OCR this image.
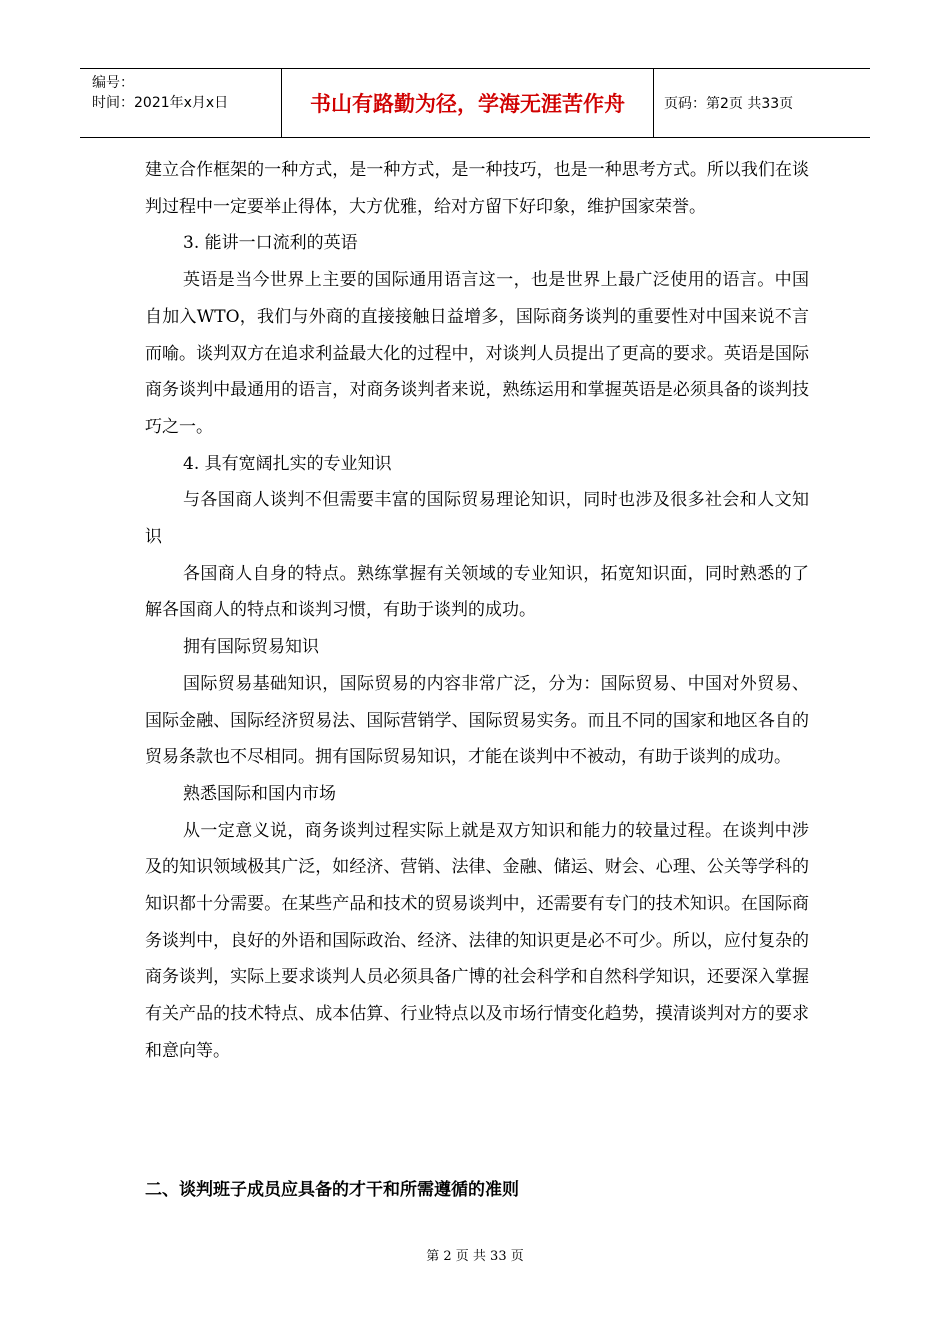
编号：
时间：2021年x月x日	书山有路勤为径，学海无涯苦作舟	页码：第2页 共33页

建立合作框架的一种方式，是一种方式，是一种技巧，也是一种思考方式。所以我们在谈判过程中一定要举止得体，大方优雅，给对方留下好印象，维护国家荣誉。

3. 能讲一口流利的英语

英语是当今世界上主要的国际通用语言这一，也是世界上最广泛使用的语言。中国自加入WTO，我们与外商的直接接触日益增多，国际商务谈判的重要性对中国来说不言而喻。谈判双方在追求利益最大化的过程中，对谈判人员提出了更高的要求。英语是国际商务谈判中最通用的语言，对商务谈判者来说，熟练运用和掌握英语是必须具备的谈判技巧之一。

4. 具有宽阔扎实的专业知识

与各国商人谈判不但需要丰富的国际贸易理论知识，同时也涉及很多社会和人文知识

各国商人自身的特点。熟练掌握有关领域的专业知识，拓宽知识面，同时熟悉的了解各国商人的特点和谈判习惯，有助于谈判的成功。

拥有国际贸易知识

国际贸易基础知识，国际贸易的内容非常广泛，分为：国际贸易、中国对外贸易、国际金融、国际经济贸易法、国际营销学、国际贸易实务。而且不同的国家和地区各自的贸易条款也不尽相同。拥有国际贸易知识，才能在谈判中不被动，有助于谈判的成功。

熟悉国际和国内市场

从一定意义说，商务谈判过程实际上就是双方知识和能力的较量过程。在谈判中涉及的知识领域极其广泛，如经济、营销、法律、金融、储运、财会、心理、公关等学科的知识都十分需要。在某些产品和技术的贸易谈判中，还需要有专门的技术知识。在国际商务谈判中，良好的外语和国际政治、经济、法律的知识更是必不可少。所以，应付复杂的商务谈判，实际上要求谈判人员必须具备广博的社会科学和自然科学知识，还要深入掌握有关产品的技术特点、成本估算、行业特点以及市场行情变化趋势，摸清谈判对方的要求和意向等。

二、谈判班子成员应具备的才干和所需遵循的准则
第 2 页 共 33 页
